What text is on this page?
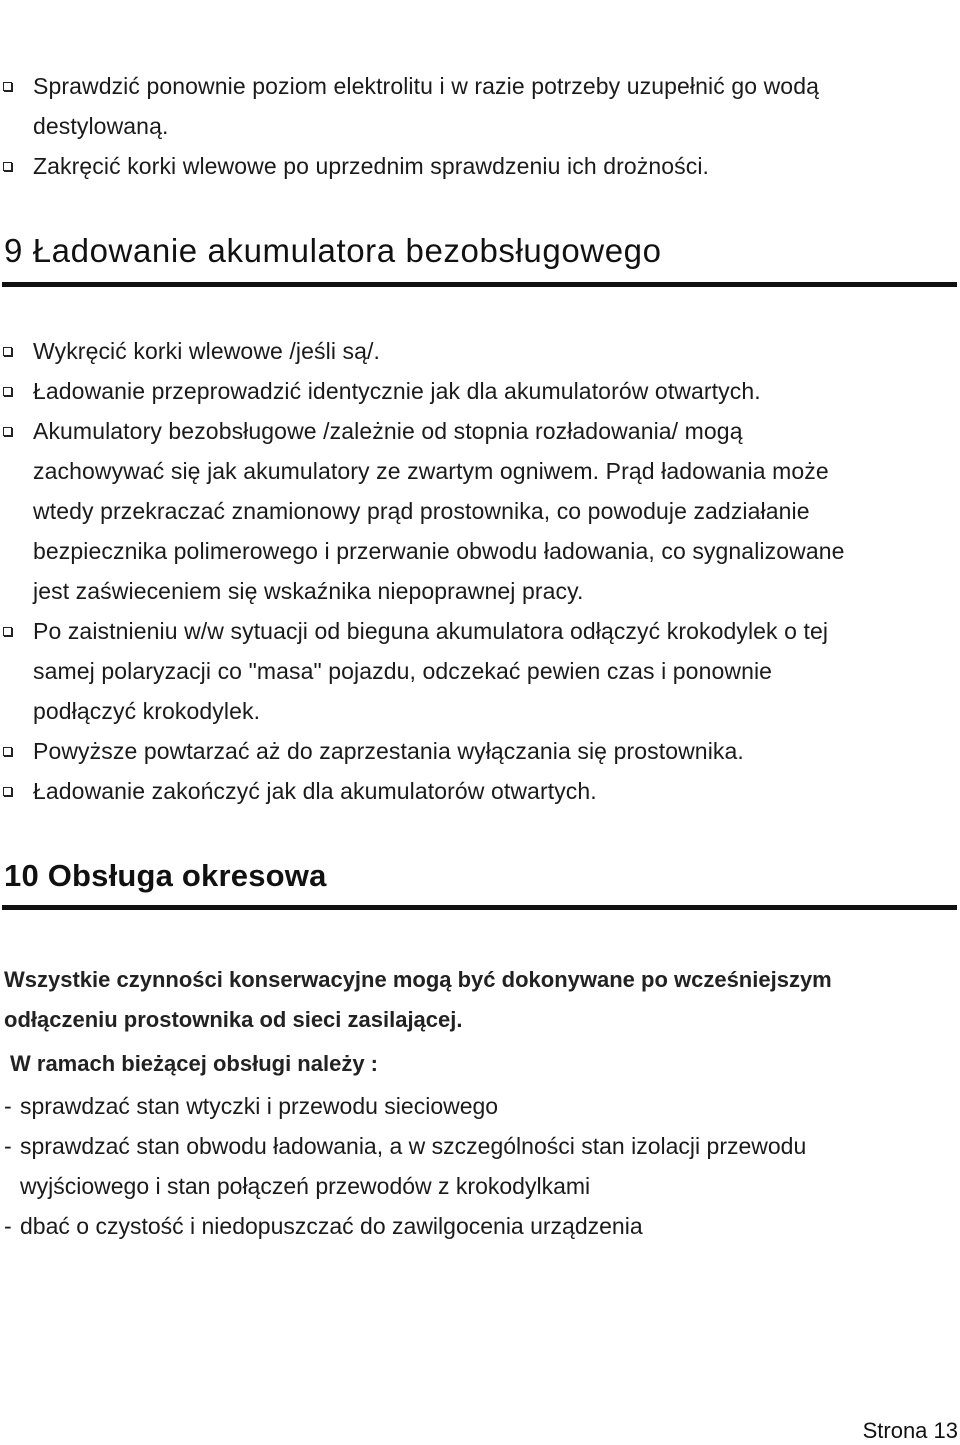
Sprawdzić ponownie poziom elektrolitu i w razie potrzeby uzupełnić go wodą destylowaną.
Zakręcić korki wlewowe po uprzednim sprawdzeniu ich drożności.
9 Ładowanie akumulatora bezobsługowego
Wykręcić korki wlewowe /jeśli są/.
Ładowanie przeprowadzić identycznie jak dla akumulatorów otwartych.
Akumulatory bezobsługowe /zależnie od stopnia rozładowania/ mogą zachowywać się jak akumulatory ze zwartym ogniwem. Prąd ładowania może wtedy przekraczać znamionowy prąd prostownika, co powoduje zadziałanie bezpiecznika polimerowego i przerwanie obwodu ładowania, co sygnalizowane jest zaświeceniem się wskaźnika niepoprawnej pracy.
Po zaistnieniu w/w sytuacji od bieguna akumulatora odłączyć krokodylek o tej samej polaryzacji co "masa" pojazdu, odczekać pewien czas i ponownie podłączyć krokodylek.
Powyższe powtarzać aż do zaprzestania wyłączania się prostownika.
Ładowanie zakończyć jak dla akumulatorów otwartych.
10 Obsługa okresowa

Wszystkie czynności konserwacyjne mogą być dokonywane po wcześniejszym odłączeniu prostownika od sieci zasilającej.

W ramach bieżącej obsługi należy :

- sprawdzać stan wtyczki i przewodu sieciowego
- sprawdzać stan obwodu ładowania, a w szczególności stan izolacji przewodu wyjściowego i stan połączeń przewodów z krokodylkami
- dbać o czystość i niedopuszczać do zawilgocenia urządzenia
Strona 13
